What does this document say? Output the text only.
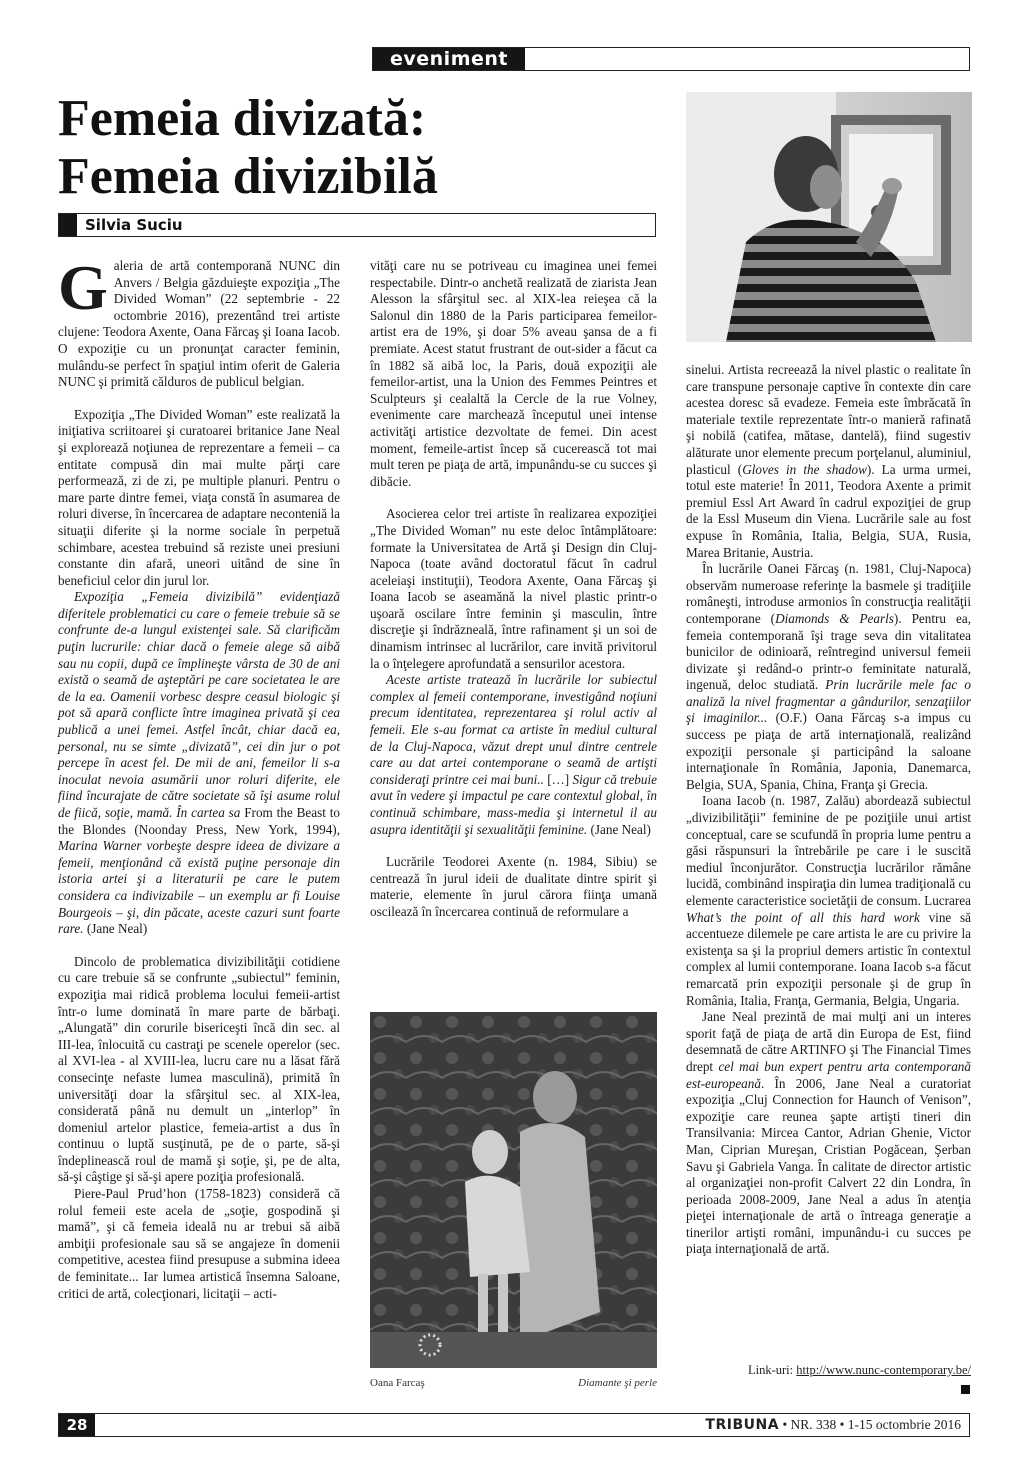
eveniment
Femeia divizată:
Femeia divizibilă
Silvia Suciu

Galeria de artă contemporană NUNC din Anvers / Belgia găzduieşte expoziţia „The Divided Woman” (22 septembrie - 22 octombrie 2016), prezentând trei artiste clujene: Teodora Axente, Oana Fărcaş şi Ioana Iacob. O expoziţie cu un pronunţat caracter feminin, mulându-se perfect în spaţiul intim oferit de Galeria NUNC şi primită călduros de publicul belgian.

Expoziţia „The Divided Woman” este realizată la iniţiativa scriitoarei şi curatoarei britanice Jane Neal şi explorează noţiunea de reprezentare a femeii – ca entitate compusă din mai multe părţi care performează, zi de zi, pe multiple planuri. Pentru o mare parte dintre femei, viaţa constă în asumarea de roluri diverse, în încercarea de adaptare neconteniă la situaţii diferite şi la norme sociale în perpetuă schimbare, acestea trebuind să reziste unei presiuni constante din afară, uneori uitând de sine în beneficiul celor din jurul lor.

Expoziţia „Femeia divizibilă” evidenţiază diferitele problematici cu care o femeie trebuie să se confrunte de-a lungul existenţei sale. Să clarificăm puţin lucrurile: chiar dacă o femeie alege să aibă sau nu copii, după ce împlineşte vârsta de 30 de ani există o seamă de aşteptări pe care societatea le are de la ea. Oamenii vorbesc despre ceasul biologic şi pot să apară conflicte între imaginea privată şi cea publică a unei femei. Astfel încât, chiar dacă ea, personal, nu se simte „divizată”, cei din jur o pot percepe în acest fel. De mii de ani, femeilor li s-a inoculat nevoia asumării unor roluri diferite, ele fiind încurajate de către societate să îşi asume rolul de fiică, soţie, mamă. În cartea sa From the Beast to the Blondes (Noonday Press, New York, 1994), Marina Warner vorbeşte despre ideea de divizare a femeii, menţionând că există puţine personaje din istoria artei şi a literaturii pe care le putem considera ca indivizabile – un exemplu ar fi Louise Bourgeois – şi, din păcate, aceste cazuri sunt foarte rare. (Jane Neal)

Dincolo de problematica divizibilităţii cotidiene cu care trebuie să se confrunte „subiectul” feminin, expoziţia mai ridică problema locului femeii-artist într-o lume dominată în mare parte de bărbaţi. „Alungată” din corurile bisericeşti încă din sec. al III-lea, înlocuită cu castraţi pe scenele operelor (sec. al XVI-lea - al XVIII-lea, lucru care nu a lăsat fără consecinţe nefaste lumea masculină), primită în universităţi doar la sfârşitul sec. al XIX-lea, considerată până nu demult un „interlop” în domeniul artelor plastice, femeia-artist a dus în continuu o luptă susţinută, pe de o parte, să-şi îndeplinească roul de mamă şi soţie, şi, pe de alta, să-şi câştige şi să-şi apere poziţia profesională.

Piere-Paul Prud’hon (1758-1823) consideră că rolul femeii este acela de „soţie, gospodină şi mamă”, şi că femeia ideală nu ar trebui să aibă ambiţii profesionale sau să se angajeze în domenii competitive, acestea fiind presupuse a submina ideea de feminitate... Iar lumea artistică însemna Saloane, critici de artă, colecţionari, licitaţii – acti-

vităţi care nu se potriveau cu imaginea unei femei respectabile. Dintr-o anchetă realizată de ziarista Jean Alesson la sfârşitul sec. al XIX-lea reieşea că la Salonul din 1880 de la Paris participarea femeilor-artist era de 19%, şi doar 5% aveau şansa de a fi premiate. Acest statut frustrant de out-sider a făcut ca în 1882 să aibă loc, la Paris, două expoziţii ale femeilor-artist, una la Union des Femmes Peintres et Sculpteurs şi cealaltă la Cercle de la rue Volney, evenimente care marchează începutul unei intense activităţi artistice dezvoltate de femei. Din acest moment, femeile-artist încep să cucerească tot mai mult teren pe piaţa de artă, impunându-se cu succes şi dibăcie.

Asocierea celor trei artiste în realizarea expoziţiei „The Divided Woman” nu este deloc întâmplătoare: formate la Universitatea de Artă şi Design din Cluj-Napoca (toate având doctoratul făcut în cadrul aceleiaşi instituţii), Teodora Axente, Oana Fărcaş şi Ioana Iacob se aseamănă la nivel plastic printr-o uşoară oscilare între feminin şi masculin, între discreţie şi îndrăzneală, între rafinament şi un soi de dinamism intrinsec al lucrărilor, care invită privitorul la o înţelegere aprofundată a sensurilor acestora.

Aceste artiste tratează în lucrările lor subiectul complex al femeii contemporane, investigând noţiuni precum identitatea, reprezentarea şi rolul activ al femeii. Ele s-au format ca artiste în mediul cultural de la Cluj-Napoca, văzut drept unul dintre centrele care au dat artei contemporane o seamă de artişti consideraţi printre cei mai buni.. […] Sigur că trebuie avut în vedere şi impactul pe care contextul global, în continuă schimbare, mass-media şi internetul il au asupra identităţii şi sexualităţii feminine. (Jane Neal)

Lucrările Teodorei Axente (n. 1984, Sibiu) se centrează în jurul ideii de dualitate dintre spirit şi materie, elemente în jurul cărora fiinţa umană oscilează în încercarea continuă de reformulare a

Oana Farcaş	Diamante şi perle

sinelui. Artista recreează la nivel plastic o realitate în care transpune personaje captive în contexte din care acestea doresc să evadeze. Femeia este îmbrăcată în materiale textile reprezentate într-o manieră rafinată şi nobilă (catifea, mătase, dantelă), fiind sugestiv alăturate unor elemente precum porţelanul, aluminiul, plasticul (Gloves in the shadow). La urma urmei, totul este materie! În 2011, Teodora Axente a primit premiul Essl Art Award în cadrul expoziţiei de grup de la Essl Museum din Viena. Lucrările sale au fost expuse în România, Italia, Belgia, SUA, Rusia, Marea Britanie, Austria.

În lucrările Oanei Fărcaş (n. 1981, Cluj-Napoca) observăm numeroase referinţe la basmele şi tradiţiile româneşti, introduse armonios în construcţia realităţii contemporane (Diamonds & Pearls). Pentru ea, femeia contemporană îşi trage seva din vitalitatea bunicilor de odinioară, reîntregind universul femeii divizate şi redând-o printr-o feminitate naturală, ingenuă, deloc studiată. Prin lucrările mele fac o analiză la nivel fragmentar a gândurilor, senzaţiilor şi imaginilor... (O.F.) Oana Fărcaş s-a impus cu success pe piaţa de artă internaţională, realizând expoziţii personale şi participând la saloane internaţionale în România, Japonia, Danemarca, Belgia, SUA, Spania, China, Franţa şi Grecia.

Ioana Iacob (n. 1987, Zalău) abordează subiectul „divizibilităţii” feminine de pe poziţiile unui artist conceptual, care se scufundă în propria lume pentru a găsi răspunsuri la întrebările pe care i le suscită mediul înconjurător. Construcţia lucrărilor rămâne lucidă, combinând inspiraţia din lumea tradiţională cu elemente caracteristice societăţii de consum. Lucrarea What’s the point of all this hard work vine să accentueze dilemele pe care artista le are cu privire la existenţa sa şi la propriul demers artistic în contextul complex al lumii contemporane. Ioana Iacob s-a făcut remarcată prin expoziţii personale şi de grup în România, Italia, Franţa, Germania, Belgia, Ungaria.

Jane Neal prezintă de mai mulţi ani un interes sporit faţă de piaţa de artă din Europa de Est, fiind desemnată de către ARTINFO şi The Financial Times drept cel mai bun expert pentru arta contemporană est-europeană. În 2006, Jane Neal a curatoriat expoziţia „Cluj Connection for Haunch of Venison”, expoziţie care reunea şapte artişti tineri din Transilvania: Mircea Cantor, Adrian Ghenie, Victor Man, Ciprian Mureşan, Cristian Pogăcean, Şerban Savu şi Gabriela Vanga. În calitate de director artistic al organizaţiei non-profit Calvert 22 din Londra, în perioada 2008-2009, Jane Neal a adus în atenţia pieţei internaţionale de artă o întreaga generaţie a tinerilor artişti români, impunându-i cu succes pe piaţa internaţională de artă.

Link-uri: http://www.nunc-contemporary.be/
28	TRIBUNA • NR. 338 • 1-15 octombrie 2016
